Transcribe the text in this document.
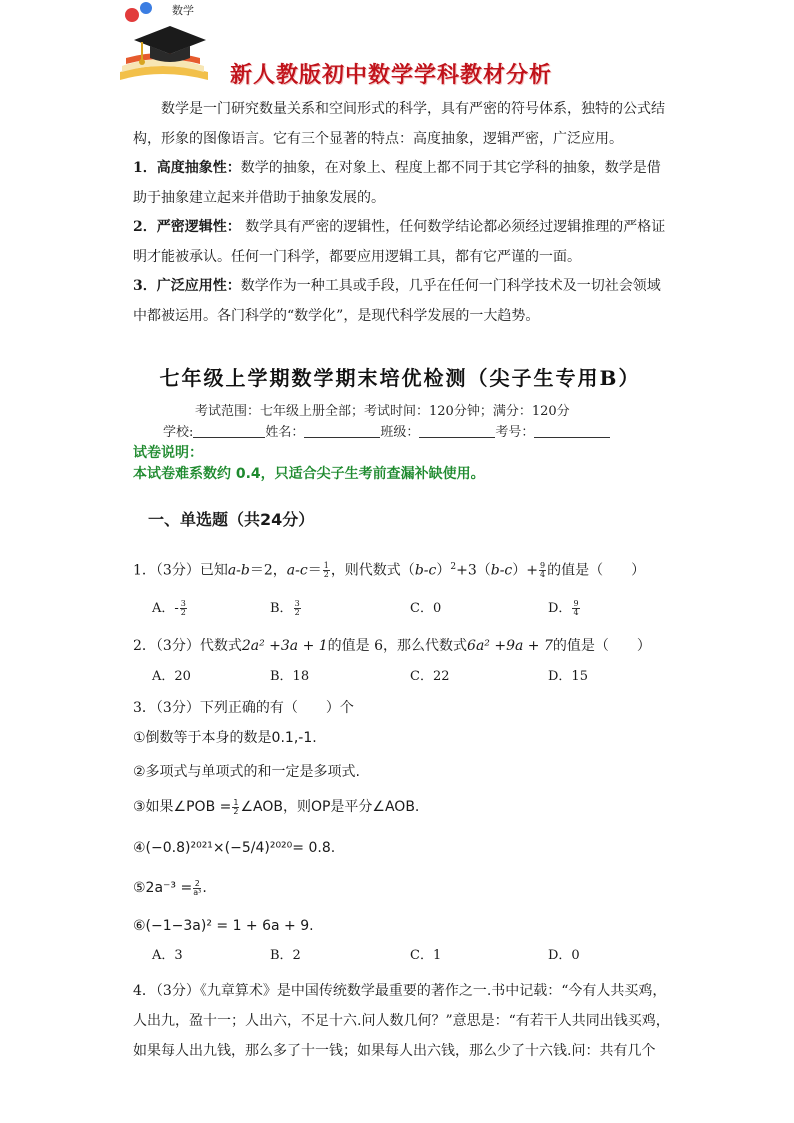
数学
新人教版初中数学学科教材分析
数学是一门研究数量关系和空间形式的科学，具有严密的符号体系，独特的公式结
构，形象的图像语言。它有三个显著的特点：高度抽象，逻辑严密，广泛应用。
1．高度抽象性：数学的抽象，在对象上、程度上都不同于其它学科的抽象，数学是借
助于抽象建立起来并借助于抽象发展的。
2．严密逻辑性： 数学具有严密的逻辑性，任何数学结论都必须经过逻辑推理的严格证
明才能被承认。任何一门科学，都要应用逻辑工具，都有它严谨的一面。
3．广泛应用性：数学作为一种工具或手段，几乎在任何一门科学技术及一切社会领域
中都被运用。各门科学的“数学化”，是现代科学发展的一大趋势。
七年级上学期数学期末培优检测（尖子生专用B）
考试范围：七年级上册全部；考试时间：120分钟；满分：120分
学校:	姓名：	班级：	考号：
试卷说明：
本试卷难系数约 0.4，只适合尖子生考前查漏补缺使用。
一、单选题（共24分）
1．（3分）已知a-b＝2，$a-c= \frac{1}{2}$ ，则代数式$(b-c)^2+3(b-c)+ \frac{9}{4}$ 的值是（　　）
A．- $\frac{3}{2}$	B． $\frac{3}{2}$	C．0	D． $\frac{9}{4}$
2．（3分）代数式2a² +3a + 1的值是 6，那么代数式6a² +9a + 7的值是（　　）
A．20	B．18	C．22	D．15
3．（3分）下列正确的有（　　）个
①倒数等于本身的数是0.1,-1.
②多项式与单项式的和一定是多项式.
③如果∠POB = $\frac{1}{2}$ ∠AOB，则OP是平分∠AOB.
④(−0.8)²⁰²¹×(−5/4)²⁰²⁰= 0.8.
⑤2a⁻³ = $\frac{2}{\text{a³}}$ .
⑥(−1−3a)² = 1 + 6a + 9.
A．3	B．2	C．1	D．0
4．（3分）《九章算术》是中国传统数学最重要的著作之一.书中记载：“今有人共买鸡，
人出九，盈十一；人出六，不足十六.问人数几何？”意思是：“有若干人共同出钱买鸡，
如果每人出九钱，那么多了十一钱；如果每人出六钱，那么少了十六钱.问：共有几个
